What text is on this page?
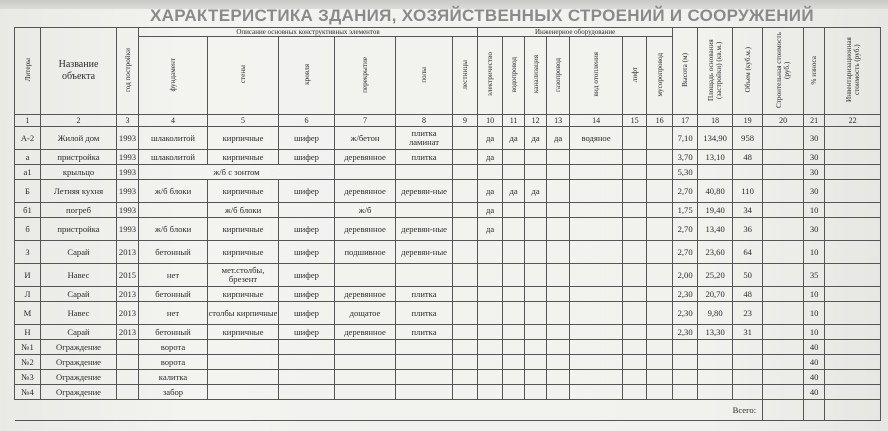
ХАРАКТЕРИСТИКА ЗДАНИЯ, ХОЗЯЙСТВЕННЫХ СТРОЕНИЙ И СООРУЖЕНИЙ
Литеры	Название объекта	год постройки	Описание основных конструктивных элементов						Инженерное оборудование							Высота (м)	Площадь основания (застройки) (кв.м.)	Объем (куб.м.)	Строительная стоимость (руб.)	% износа	Инвентаризационная стоимость (руб.)
			фундамент	стены	кровля	перекрытие	полы	лестницы	электричество	водопровод	канализация	газопровод	вид отопления	лифт	мусоропровод						
1	2	3	4	5	6	7	8	9	10	11	12	13	14	15	16	17	18	19	20	21	22
А-2	Жилой дом	1993	шлаколитой	кирпичные	шифер	ж/бетон	плитка ламинат		да	да	да	да	водяное			7,10	134,90	958		30	
а	пристройка	1993	шлаколитой	кирпичные	шифер	деревянное	плитка		да							3,70	13,10	48		30	
а1	крыльцо	1993	ж/б с зонтом													5,30				30	
Б	Летняя кухня	1993	ж/б блоки	кирпичные	шифер	деревянное	деревян-ные		да	да	да					2,70	40,80	110		30	
б1	погреб	1993		ж/б блоки		ж/б			да							1,75	19,40	34		10	
б	пристройка	1993	ж/б блоки	кирпичные	шифер	деревянное	деревян-ные		да							2,70	13,40	36		30	
З	Сарай	2013	бетонный	кирпичные	шифер	подшивное	деревян-ные									2,70	23,60	64		10	
И	Навес	2015	нет	мет.столбы, брезент	шифер											2,00	25,20	50		35	
Л	Сарай	2013	бетонный	кирпичные	шифер	деревянное	плитка									2,30	20,70	48		10	
М	Навес	2013	нет	столбы кирпичные	шифер	дощатое	плитка									2,30	9,80	23		10	
Н	Сарай	2013	бетонный	кирпичные	шифер	деревянное	плитка									2,30	13,30	31		10	
№1	Ограждение		ворота																	40	
№2	Ограждение		ворота																	40	
№3	Ограждение		калитка																	40	
№4	Ограждение		забор																	40	
Всего:																					
